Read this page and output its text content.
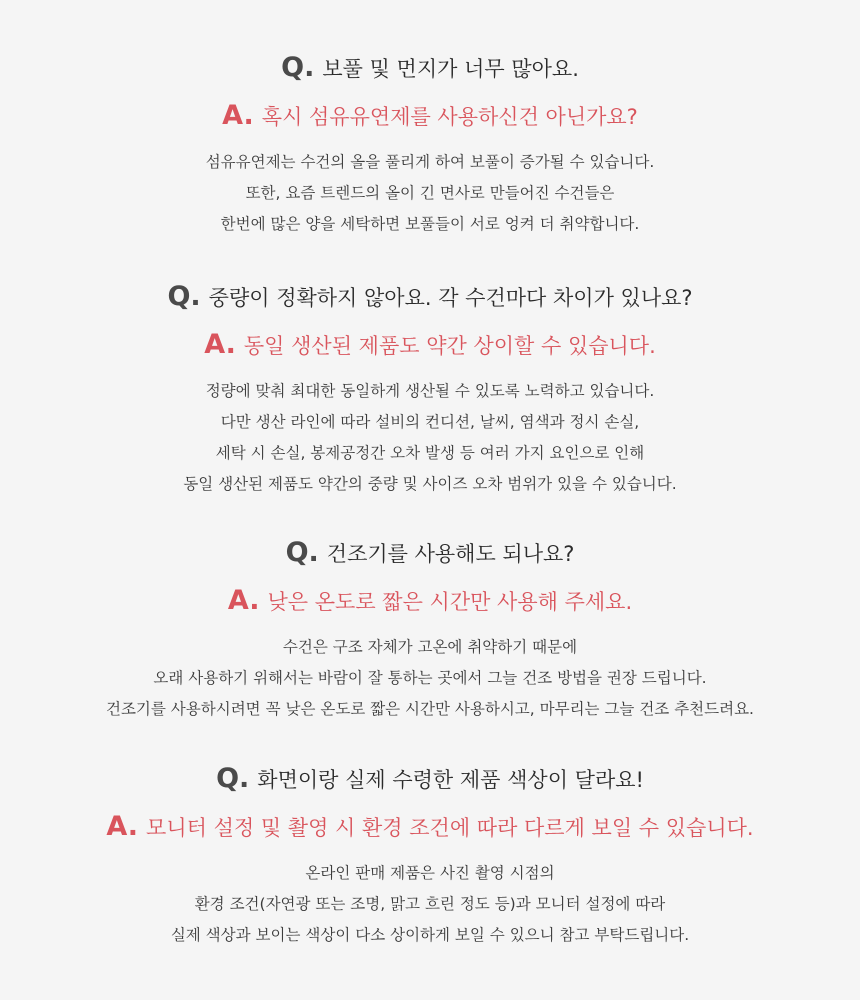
Q. 보풀 및 먼지가 너무 많아요.
A. 혹시 섬유유연제를 사용하신건 아닌가요?
섬유유연제는 수건의 올을 풀리게 하여 보풀이 증가될 수 있습니다.
또한, 요즘 트렌드의 올이 긴 면사로 만들어진 수건들은
한번에 많은 양을 세탁하면 보풀들이 서로 엉켜 더 취약합니다.
Q. 중량이 정확하지 않아요. 각 수건마다 차이가 있나요?
A. 동일 생산된 제품도 약간 상이할 수 있습니다.
정량에 맞춰 최대한 동일하게 생산될 수 있도록 노력하고 있습니다.
다만 생산 라인에 따라 설비의 컨디션, 날씨, 염색과 정시 손실,
세탁 시 손실, 봉제공정간 오차 발생 등 여러 가지 요인으로 인해
동일 생산된 제품도 약간의 중량 및 사이즈 오차 범위가 있을 수 있습니다.
Q. 건조기를 사용해도 되나요?
A. 낮은 온도로 짧은 시간만 사용해 주세요.
수건은 구조 자체가 고온에 취약하기 때문에
오래 사용하기 위해서는 바람이 잘 통하는 곳에서 그늘 건조 방법을 권장 드립니다.
건조기를 사용하시려면 꼭 낮은 온도로 짧은 시간만 사용하시고, 마무리는 그늘 건조 추천드려요.
Q. 화면이랑 실제 수령한 제품 색상이 달라요!
A. 모니터 설정 및 촬영 시 환경 조건에 따라 다르게 보일 수 있습니다.
온라인 판매 제품은 사진 촬영 시점의
환경 조건(자연광 또는 조명, 맑고 흐린 정도 등)과 모니터 설정에 따라
실제 색상과 보이는 색상이 다소 상이하게 보일 수 있으니 참고 부탁드립니다.
